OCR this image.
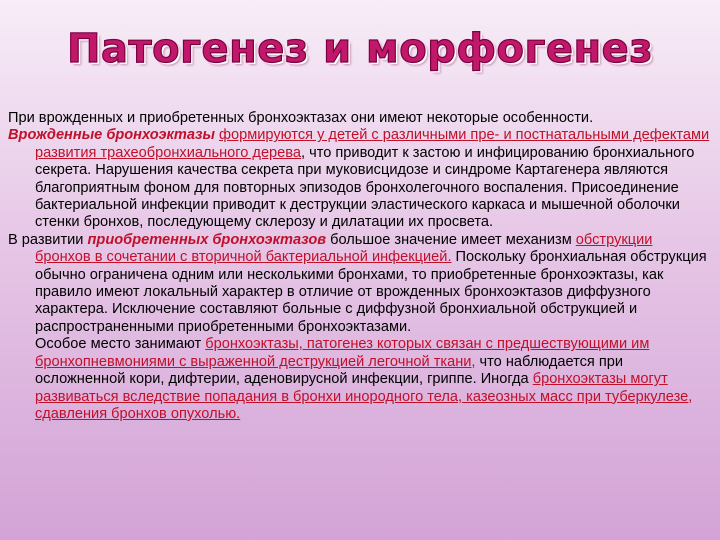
Патогенез и морфогенез

При врожденных и приобретенных бронхоэктазах они имеют некоторые особенности.

Врожденные бронхоэктазы формируются у детей с различными пре- и постнатальными дефектами развития трахеобронхиального дерева, что приводит к застою и инфицированию бронхиального секрета. Нарушения качества секрета при муковисцидозе и синдроме Картагенера являются благоприятным фоном для повторных эпизодов бронхолегочного воспаления. Присоединение бактериальной инфекции приводит к деструкции эластического каркаса и мышечной оболочки стенки бронхов, последующему склерозу и дилатации их просвета.

В развитии приобретенных бронхоэктазов большое значение имеет механизм обструкции бронхов в сочетании с вторичной бактериальной инфекцией. Поскольку бронхиальная обструкция обычно ограничена одним или несколькими бронхами, то приобретенные бронхоэктазы, как правило имеют локальный характер в отличие от врожденных бронхоэктазов диффузного характера. Исключение составляют больные с диффузной бронхиальной обструкцией и распространенными приобретенными бронхоэктазами.

Особое место занимают бронхоэктазы, патогенез которых связан с предшествующими им бронхопневмониями с выраженной деструкцией легочной ткани, что наблюдается при осложненной кори, дифтерии, аденовирусной инфекции, гриппе. Иногда бронхоэктазы могут развиваться вследствие попадания в бронхи инородного тела, казеозных масс при туберкулезе, сдавления бронхов опухолью.
